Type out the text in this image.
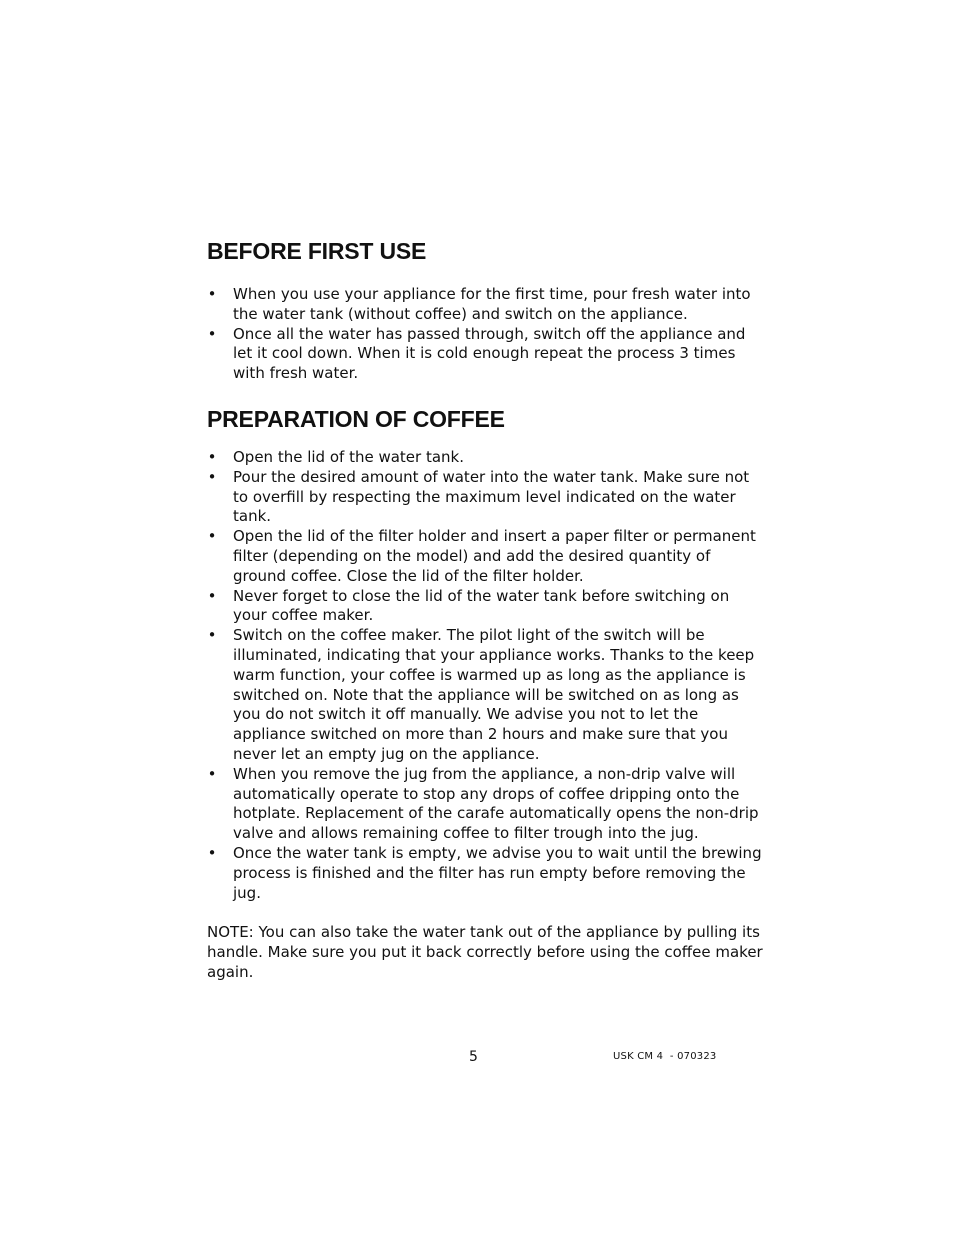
BEFORE FIRST USE
• When you use your appliance for the first time, pour fresh water into the water tank (without coffee) and switch on the appliance.
• Once all the water has passed through, switch off the appliance and let it cool down. When it is cold enough repeat the process 3 times with fresh water.
PREPARATION OF COFFEE
• Open the lid of the water tank.
• Pour the desired amount of water into the water tank. Make sure not to overfill by respecting the maximum level indicated on the water tank.
• Open the lid of the filter holder and insert a paper filter or permanent filter (depending on the model) and add the desired quantity of ground coffee. Close the lid of the filter holder.
• Never forget to close the lid of the water tank before switching on your coffee maker.
• Switch on the coffee maker. The pilot light of the switch will be illuminated, indicating that your appliance works. Thanks to the keep warm function, your coffee is warmed up as long as the appliance is switched on. Note that the appliance will be switched on as long as you do not switch it off manually. We advise you not to let the appliance switched on more than 2 hours and make sure that you never let an empty jug on the appliance.
• When you remove the jug from the appliance, a non-drip valve will automatically operate to stop any drops of coffee dripping onto the hotplate. Replacement of the carafe automatically opens the non-drip valve and allows remaining coffee to filter trough into the jug.
• Once the water tank is empty, we advise you to wait until the brewing process is finished and the filter has run empty before removing the jug.

NOTE: You can also take the water tank out of the appliance by pulling its handle. Make sure you put it back correctly before using the coffee maker again.

5	USK CM 4  - 070323
